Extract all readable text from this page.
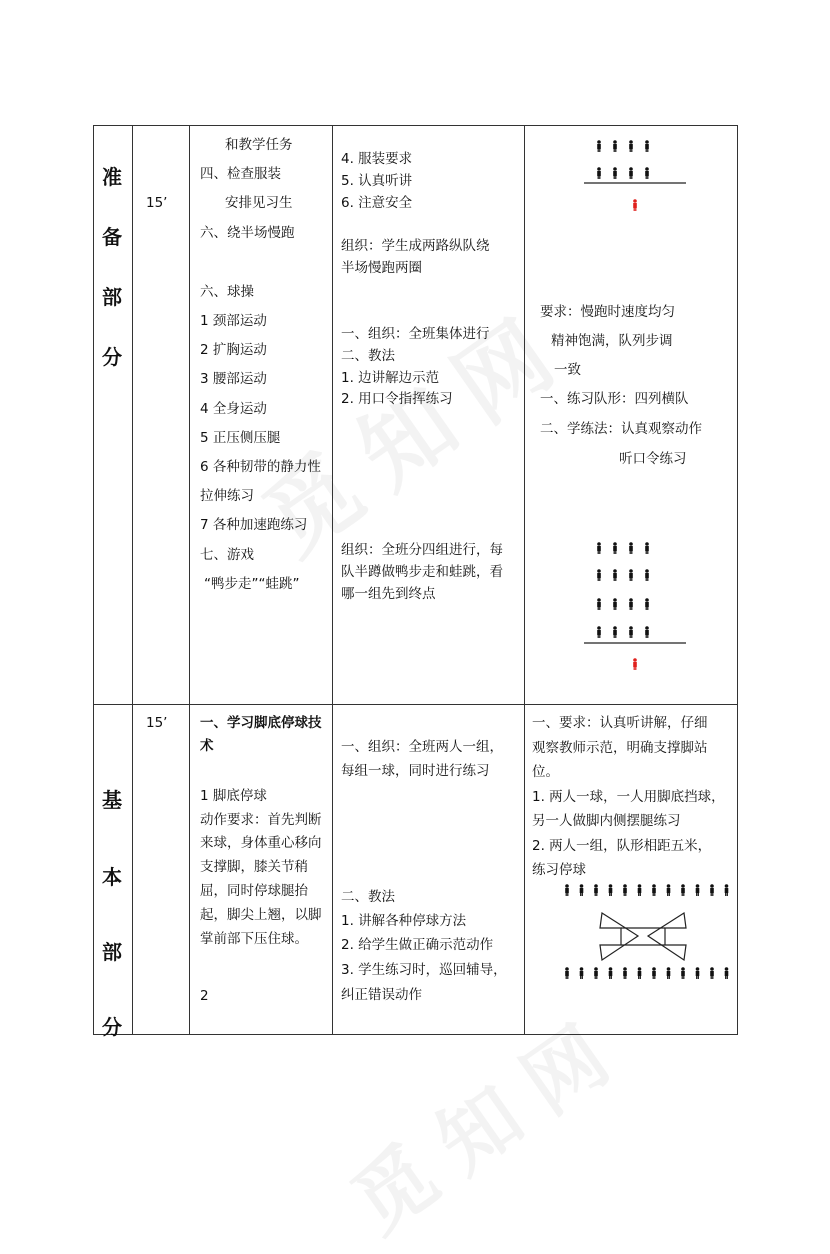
准
备
部
分
15’
和教学任务
四、检查服装
安排见习生
六、绕半场慢跑
六、球操
1 颈部运动
2 扩胸运动
3 腰部运动
4 全身运动
5 正压侧压腿
6 各种韧带的静力性
拉伸练习
7 各种加速跑练习
七、游戏
“鸭步走”“蛙跳”
4. 服装要求
5. 认真听讲
6. 注意安全
组织：学生成两路纵队绕
半场慢跑两圈
一、组织：全班集体进行
二、教法
1. 边讲解边示范
2. 用口令指挥练习
组织：全班分四组进行，每
队半蹲做鸭步走和蛙跳，看
哪一组先到终点
要求：慢跑时速度均匀
精神饱满，队列步调
一致
一、练习队形：四列横队
二、学练法：认真观察动作
听口令练习
基
本
部
分
15’ 一、学习脚底停球技
术
1 脚底停球
动作要求：首先判断
来球，身体重心移向
支撑脚，膝关节稍
屈，同时停球腿抬
起，脚尖上翘，以脚
掌前部下压住球。
2
一、组织：全班两人一组，
每组一球，同时进行练习
二、教法
1. 讲解各种停球方法
2. 给学生做正确示范动作
3. 学生练习时，巡回辅导，
纠正错误动作
一、要求：认真听讲解，仔细
观察教师示范，明确支撑脚站
位。
1. 两人一球，一人用脚底挡球，
另一人做脚内侧摆腿练习
2. 两人一组，队形相距五米，
练习停球
